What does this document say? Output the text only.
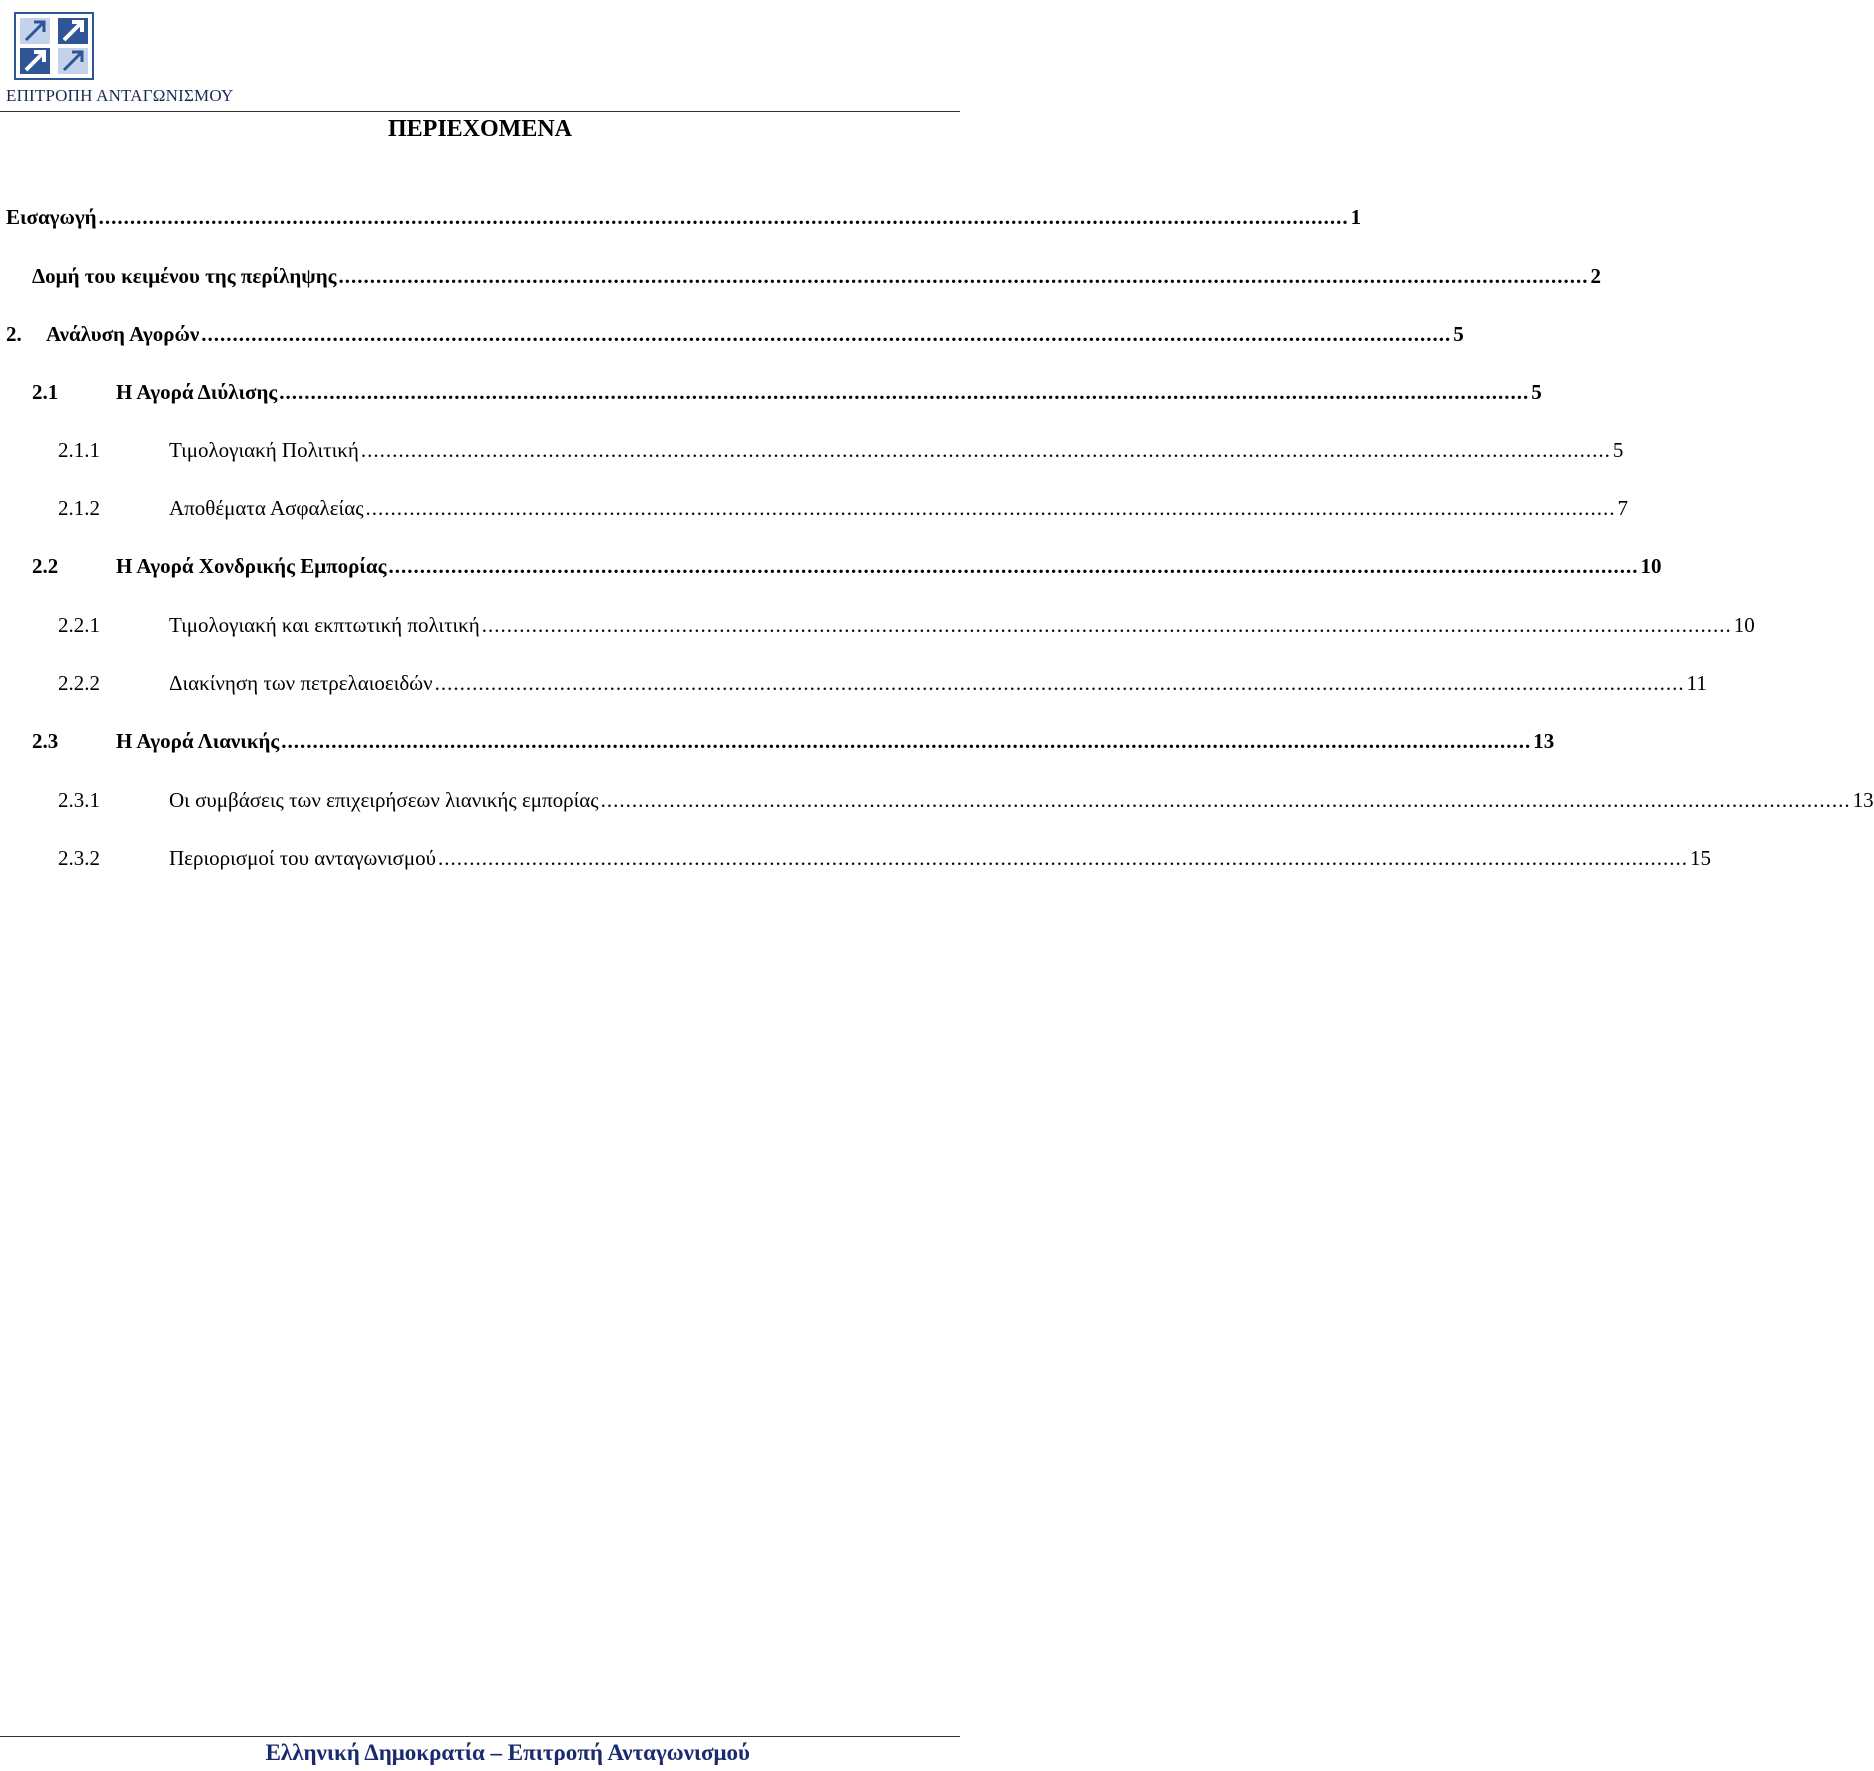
ΕΠΙΤΡΟΠΗ ΑΝΤΑΓΩΝΙΣΜΟΥ
ΠΕΡΙΕΧΟΜΕΝΑ
Εισαγωγή ........................................................................................................................................................................................................ 1
Δομή του κειμένου της περίληψης ........................................................................................................................................................................................................ 2
2.	Ανάλυση Αγορών ........................................................................................................................................................................................................ 5
2.1	Η Αγορά Διύλισης ........................................................................................................................................................................................................ 5
2.1.1	Τιμολογιακή Πολιτική ........................................................................................................................................................................................................ 5
2.1.2	Αποθέματα Ασφαλείας ........................................................................................................................................................................................................ 7
2.2	Η Αγορά Χονδρικής Εμπορίας ........................................................................................................................................................................................................ 10
2.2.1	Τιμολογιακή και εκπτωτική πολιτική ........................................................................................................................................................................................................ 10
2.2.2	Διακίνηση των πετρελαιοειδών ........................................................................................................................................................................................................ 11
2.3	Η Αγορά Λιανικής ........................................................................................................................................................................................................ 13
2.3.1	Οι συμβάσεις των επιχειρήσεων λιανικής εμπορίας ........................................................................................................................................................................................................ 13
2.3.2	Περιορισμοί του ανταγωνισμού ........................................................................................................................................................................................................ 15
Ελληνική Δημοκρατία – Επιτροπή Ανταγωνισμού
